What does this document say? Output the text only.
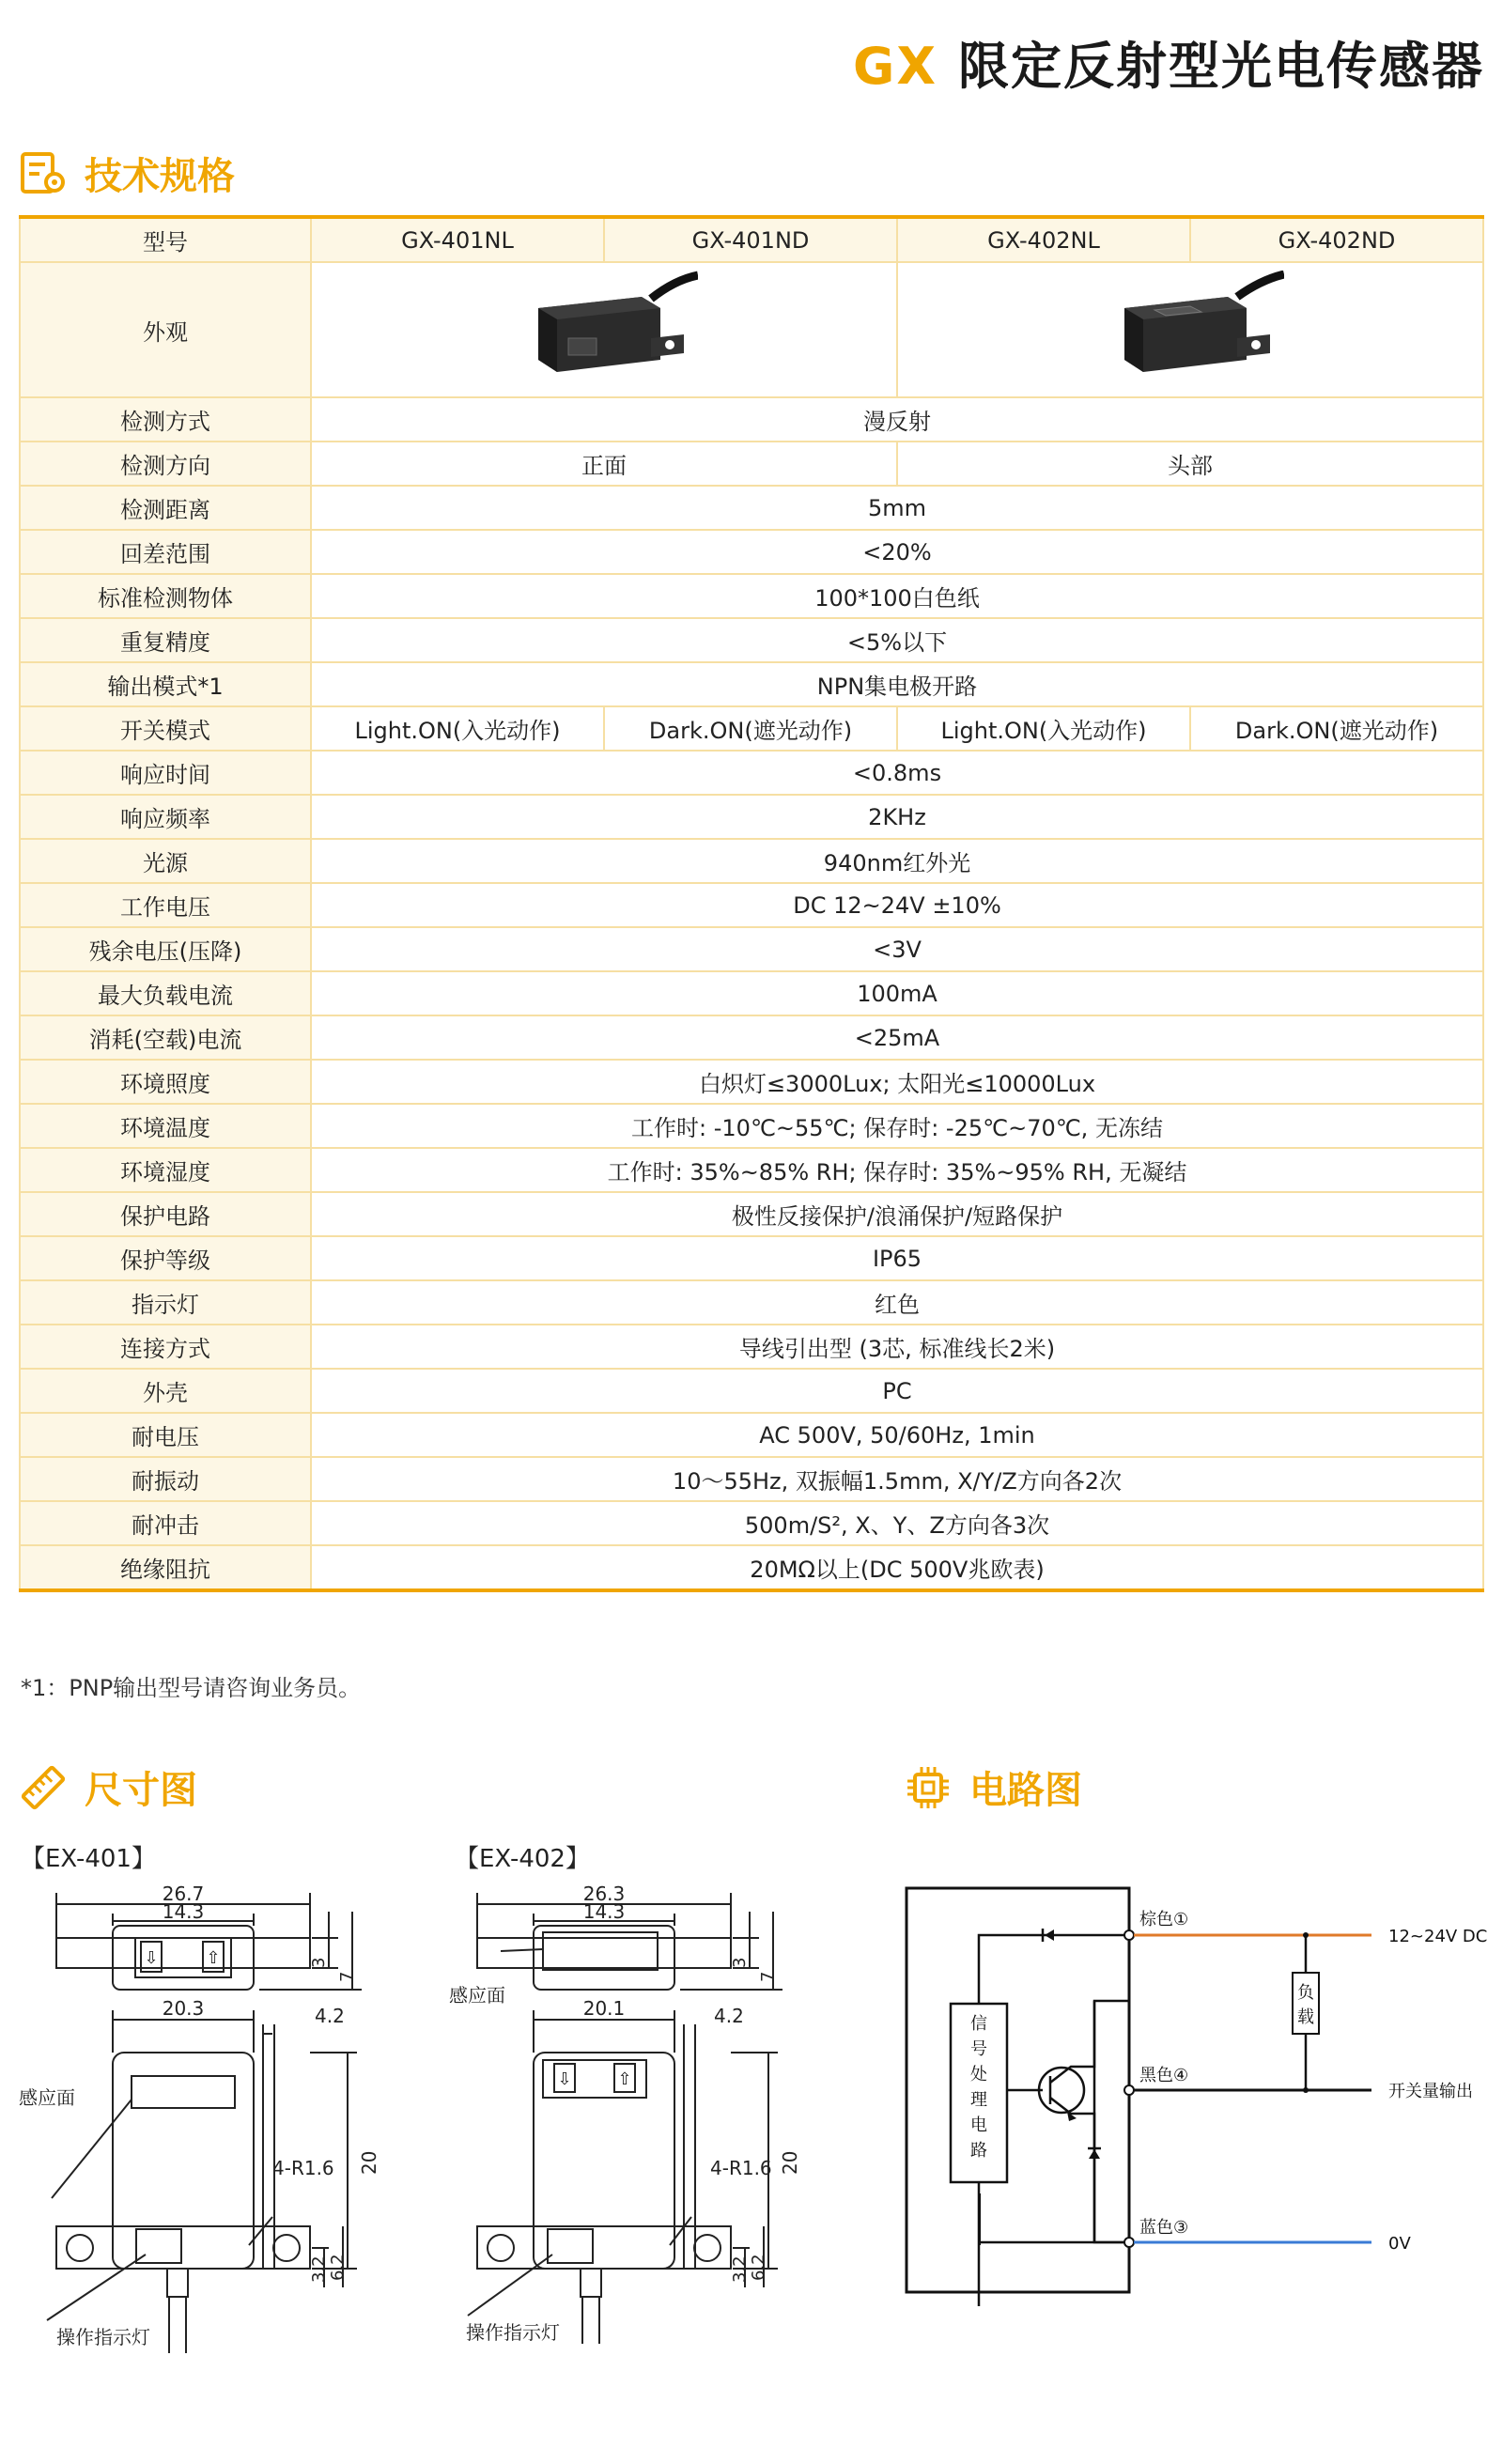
GX 限定反射型光电传感器
技术规格
型号	GX-401NL	GX-401ND	GX-402NL	GX-402ND
外观		
检测方式	漫反射			
检测方向	正面		头部	
检测距离	5mm			
回差范围	<20%			
标准检测物体	100*100白色纸			
重复精度	<5%以下			
输出模式*1	NPN集电极开路			
开关模式	Light.ON(入光动作)	Dark.ON(遮光动作)	Light.ON(入光动作)	Dark.ON(遮光动作)
响应时间	<0.8ms			
响应频率	2KHz			
光源	940nm红外光			
工作电压	DC 12~24V ±10%			
残余电压(压降)	<3V			
最大负载电流	100mA			
消耗(空载)电流	<25mA			
环境照度	白炽灯≤3000Lux; 太阳光≤10000Lux			
环境温度	工作时: -10℃~55℃; 保存时: -25℃~70℃, 无冻结			
环境湿度	工作时: 35%~85% RH; 保存时: 35%~95% RH, 无凝结			
保护电路	极性反接保护/浪涌保护/短路保护			
保护等级	IP65			
指示灯	红色			
连接方式	导线引出型 (3芯, 标准线长2米)			
外壳	PC			
耐电压	AC 500V, 50/60Hz, 1min			
耐振动	10〜55Hz, 双振幅1.5mm, X/Y/Z方向各2次			
耐冲击	500m/S², X、Y、Z方向各3次			
绝缘阻抗	20MΩ以上(DC 500V兆欧表)			
*1：PNP输出型号请咨询业务员。
尺寸图	电路图
【EX-401】
⇩	⇧
26.7
14.3
3
7
20.3	4.2
4-R1.6 20
3.2 6.2
感应面
操作指示灯
【EX-402】
⇩	⇧
26.3
14.3
3
7
20.1	4.2
4-R1.6 20
3.2 6.2
感应面
操作指示灯
负
载
信
号
处
理
电
路
棕色①
黑色④
蓝色③
12~24V DC
开关量输出
0V
